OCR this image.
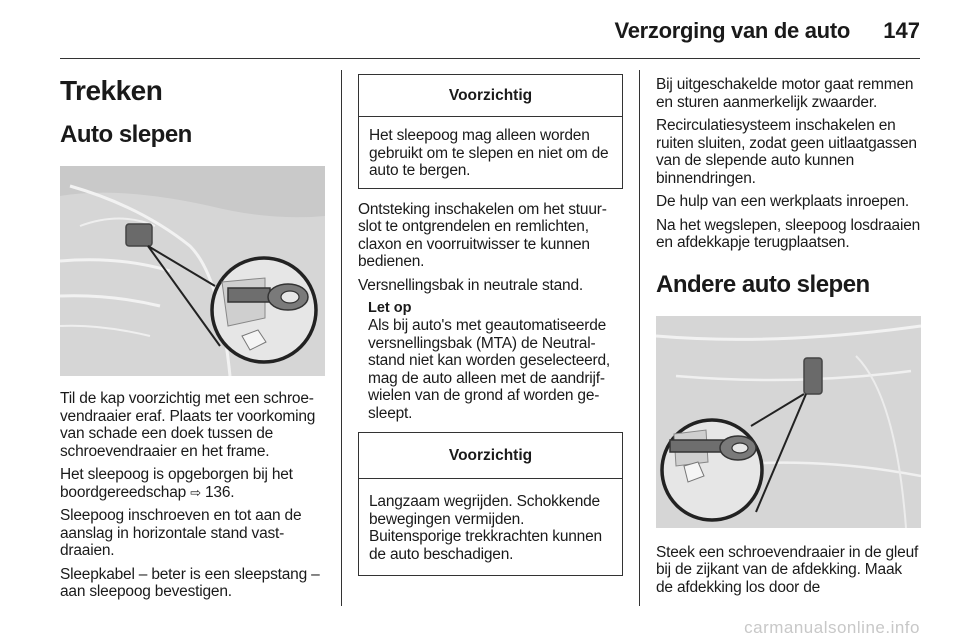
Verzorging van de auto 147
Trekken
Auto slepen

Til de kap voorzichtig met een schroevendraaier eraf. Plaats ter voorkoming van schade een doek tussen de schroevendraaier en het frame.

Het sleepoog is opgeborgen bij het boordgereedschap ⇨ 136.

Sleepoog inschroeven en tot aan de aanslag in horizontale stand vastdraaien.

Sleepkabel – beter is een sleepstang – aan sleepoog bevestigen.

Voorzichtig
Het sleepoog mag alleen worden gebruikt om te slepen en niet om de auto te bergen.

Ontsteking inschakelen om het stuurslot te ontgrendelen en remlichten, claxon en voorruitwisser te kunnen bedienen.

Versnellingsbak in neutrale stand.

Let op

Als bij auto's met geautomatiseerde versnellingsbak (MTA) de Neutral-stand niet kan worden geselecteerd, mag de auto alleen met de aandrijfwielen van de grond af worden gesleept.

Voorzichtig
Langzaam wegrijden. Schokkende bewegingen vermijden. Buitensporige trekkrachten kunnen de auto beschadigen.

Bij uitgeschakelde motor gaat remmen en sturen aanmerkelijk zwaarder.

Recirculatiesysteem inschakelen en ruiten sluiten, zodat geen uitlaatgassen van de slepende auto kunnen binnendringen.

De hulp van een werkplaats inroepen.

Na het wegslepen, sleepoog losdraaien en afdekkapje terugplaatsen.

Andere auto slepen

Steek een schroevendraaier in de gleuf bij de zijkant van de afdekking. Maak de afdekking los door de

carmanualsonline.info
